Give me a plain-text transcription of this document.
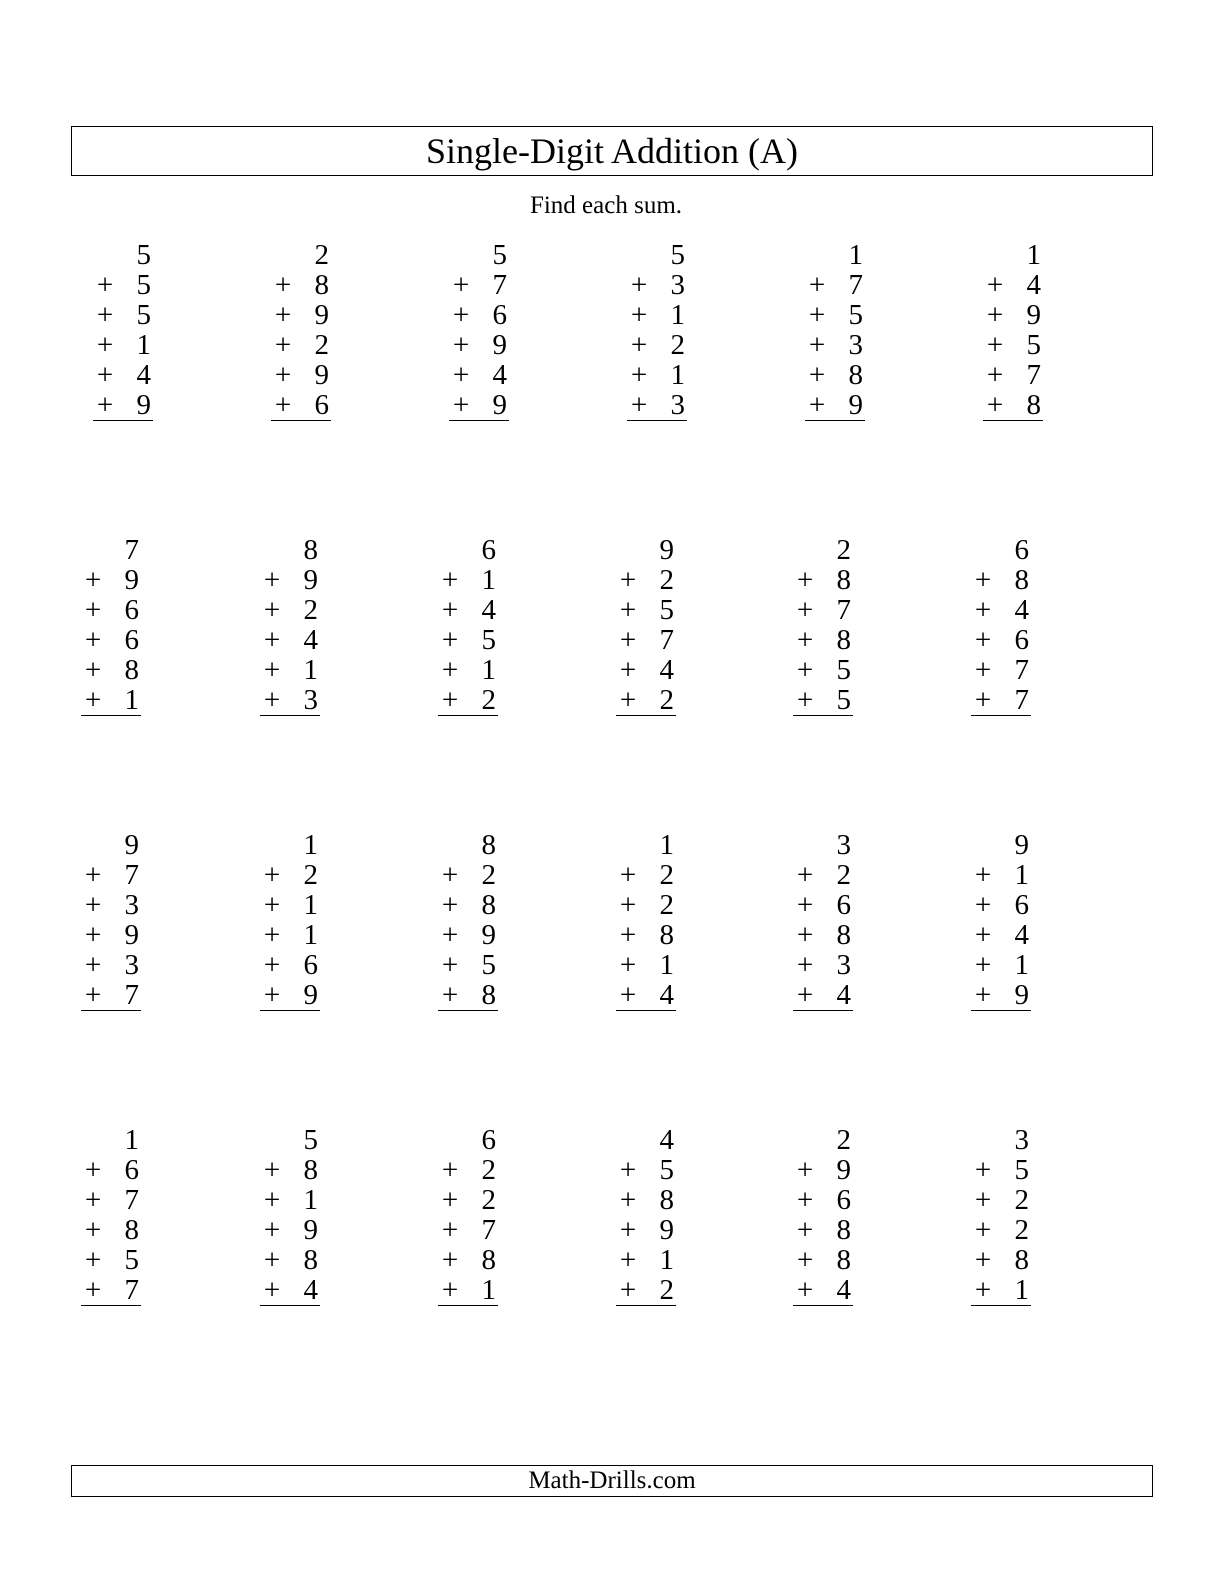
Single-Digit Addition (A)
Find each sum.
5
+ 5
+ 5
+ 1
+ 4
+ 9
2
+ 8
+ 9
+ 2
+ 9
+ 6
5
+ 7
+ 6
+ 9
+ 4
+ 9
5
+ 3
+ 1
+ 2
+ 1
+ 3
1
+ 7
+ 5
+ 3
+ 8
+ 9
1
+ 4
+ 9
+ 5
+ 7
+ 8
7
+ 9
+ 6
+ 6
+ 8
+ 1
8
+ 9
+ 2
+ 4
+ 1
+ 3
6
+ 1
+ 4
+ 5
+ 1
+ 2
9
+ 2
+ 5
+ 7
+ 4
+ 2
2
+ 8
+ 7
+ 8
+ 5
+ 5
6
+ 8
+ 4
+ 6
+ 7
+ 7
9
+ 7
+ 3
+ 9
+ 3
+ 7
1
+ 2
+ 1
+ 1
+ 6
+ 9
8
+ 2
+ 8
+ 9
+ 5
+ 8
1
+ 2
+ 2
+ 8
+ 1
+ 4
3
+ 2
+ 6
+ 8
+ 3
+ 4
9
+ 1
+ 6
+ 4
+ 1
+ 9
1
+ 6
+ 7
+ 8
+ 5
+ 7
5
+ 8
+ 1
+ 9
+ 8
+ 4
6
+ 2
+ 2
+ 7
+ 8
+ 1
4
+ 5
+ 8
+ 9
+ 1
+ 2
2
+ 9
+ 6
+ 8
+ 8
+ 4
3
+ 5
+ 2
+ 2
+ 8
+ 1
Math-Drills.com
